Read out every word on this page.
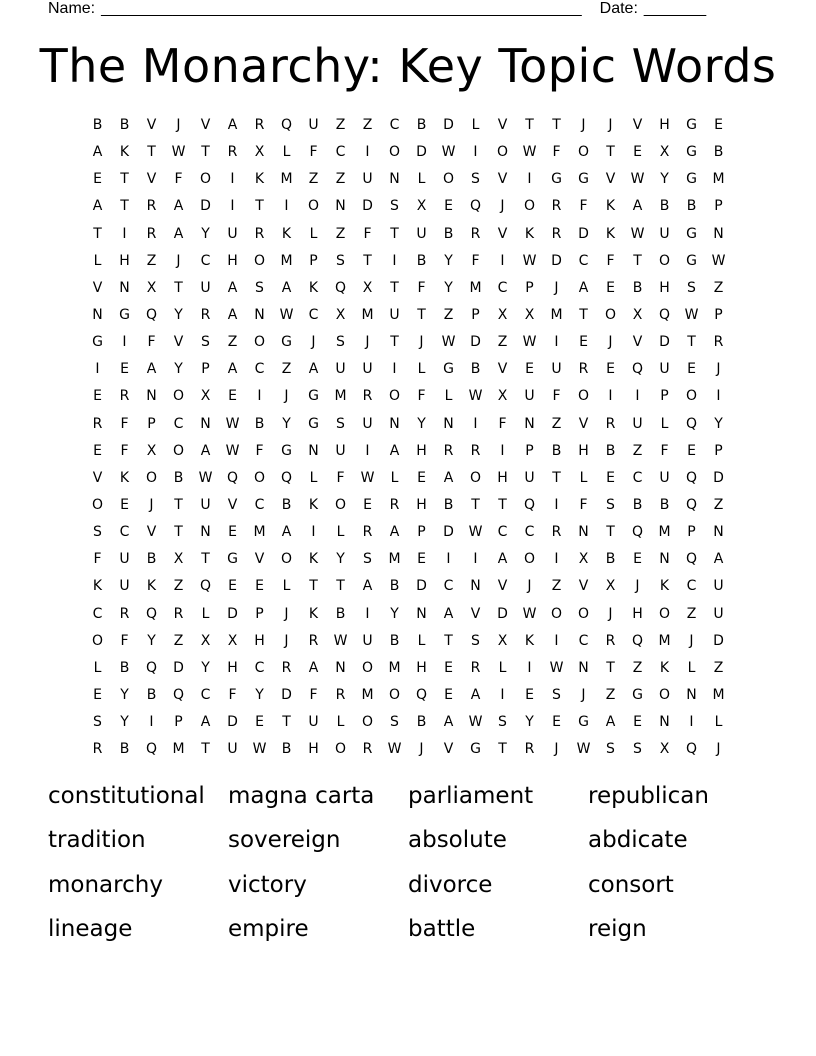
Name: ______________________________________________________ Date: _______
The Monarchy: Key Topic Words
B	B	V	J	V	A	R	Q	U	Z	Z	C	B	D	L	V	T	T	J	J	V	H	G	E
A	K	T	W	T	R	X	L	F	C	I	O	D	W	I	O	W	F	O	T	E	X	G	B
E	T	V	F	O	I	K	M	Z	Z	U	N	L	O	S	V	I	G	G	V	W	Y	G	M
A	T	R	A	D	I	T	I	O	N	D	S	X	E	Q	J	O	R	F	K	A	B	B	P
T	I	R	A	Y	U	R	K	L	Z	F	T	U	B	R	V	K	R	D	K	W	U	G	N
L	H	Z	J	C	H	O	M	P	S	T	I	B	Y	F	I	W	D	C	F	T	O	G	W
V	N	X	T	U	A	S	A	K	Q	X	T	F	Y	M	C	P	J	A	E	B	H	S	Z
N	G	Q	Y	R	A	N	W	C	X	M	U	T	Z	P	X	X	M	T	O	X	Q	W	P
G	I	F	V	S	Z	O	G	J	S	J	T	J	W	D	Z	W	I	E	J	V	D	T	R
I	E	A	Y	P	A	C	Z	A	U	U	I	L	G	B	V	E	U	R	E	Q	U	E	J
E	R	N	O	X	E	I	J	G	M	R	O	F	L	W	X	U	F	O	I	I	P	O	I
R	F	P	C	N	W	B	Y	G	S	U	N	Y	N	I	F	N	Z	V	R	U	L	Q	Y
E	F	X	O	A	W	F	G	N	U	I	A	H	R	R	I	P	B	H	B	Z	F	E	P
V	K	O	B	W	Q	O	Q	L	F	W	L	E	A	O	H	U	T	L	E	C	U	Q	D
O	E	J	T	U	V	C	B	K	O	E	R	H	B	T	T	Q	I	F	S	B	B	Q	Z
S	C	V	T	N	E	M	A	I	L	R	A	P	D	W	C	C	R	N	T	Q	M	P	N
F	U	B	X	T	G	V	O	K	Y	S	M	E	I	I	A	O	I	X	B	E	N	Q	A
K	U	K	Z	Q	E	E	L	T	T	A	B	D	C	N	V	J	Z	V	X	J	K	C	U
C	R	Q	R	L	D	P	J	K	B	I	Y	N	A	V	D	W	O	O	J	H	O	Z	U
O	F	Y	Z	X	X	H	J	R	W	U	B	L	T	S	X	K	I	C	R	Q	M	J	D
L	B	Q	D	Y	H	C	R	A	N	O	M	H	E	R	L	I	W	N	T	Z	K	L	Z
E	Y	B	Q	C	F	Y	D	F	R	M	O	Q	E	A	I	E	S	J	Z	G	O	N	M
S	Y	I	P	A	D	E	T	U	L	O	S	B	A	W	S	Y	E	G	A	E	N	I	L
R	B	Q	M	T	U	W	B	H	O	R	W	J	V	G	T	R	J	W	S	S	X	Q	J
constitutional	magna carta	parliament	republican
tradition	sovereign	absolute	abdicate
monarchy	victory	divorce	consort
lineage	empire	battle	reign
